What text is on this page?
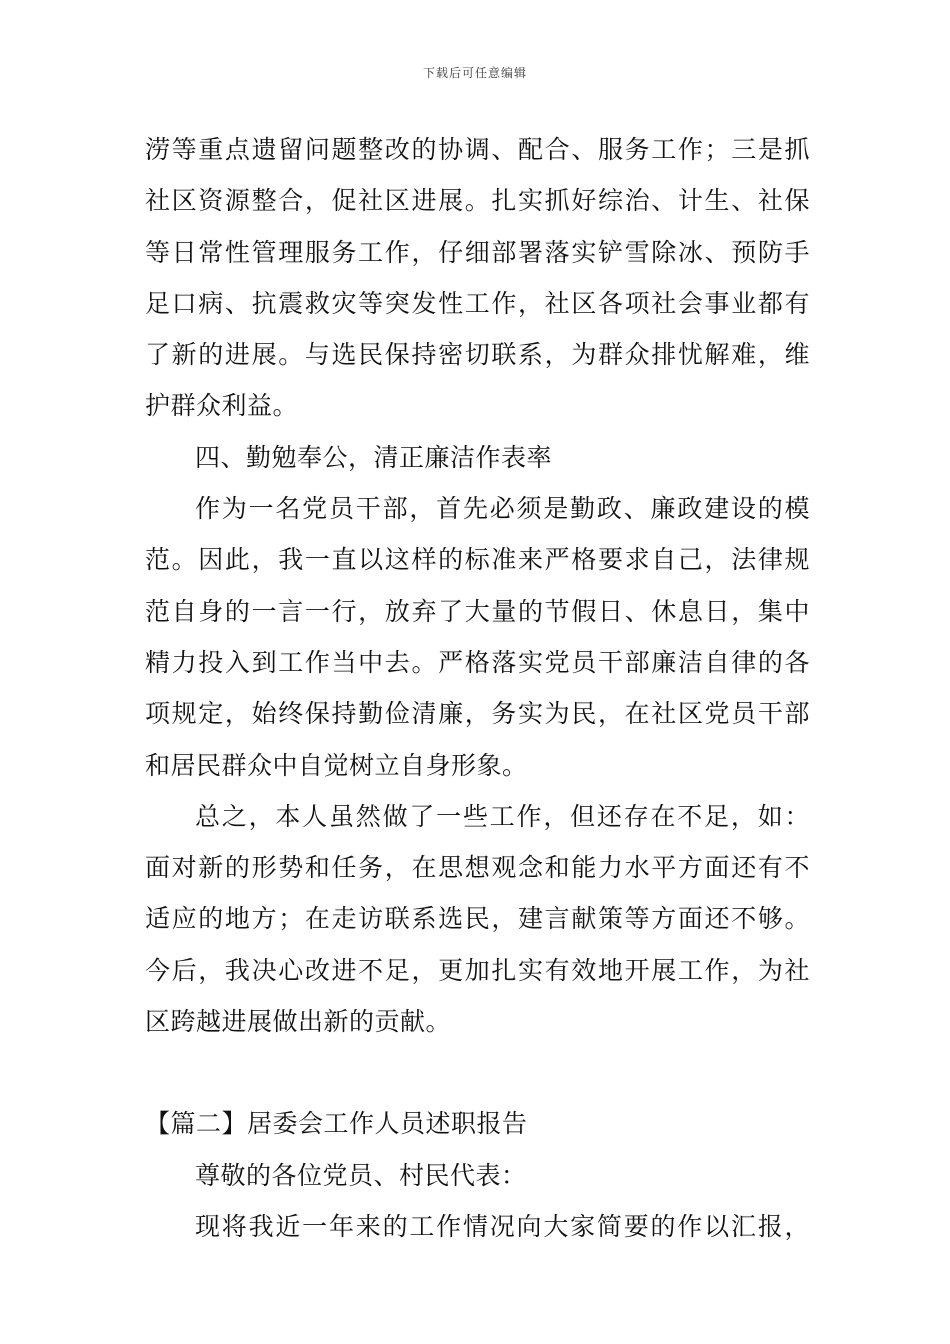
下载后可任意编辑
涝等重点遗留问题整改的协调、配合、服务工作；三是抓
社区资源整合，促社区进展。扎实抓好综治、计生、社保
等日常性管理服务工作，仔细部署落实铲雪除冰、预防手
足口病、抗震救灾等突发性工作，社区各项社会事业都有
了新的进展。与选民保持密切联系，为群众排忧解难，维
护群众利益。
四、勤勉奉公，清正廉洁作表率
作为一名党员干部，首先必须是勤政、廉政建设的模
范。因此，我一直以这样的标准来严格要求自己，法律规
范自身的一言一行，放弃了大量的节假日、休息日，集中
精力投入到工作当中去。严格落实党员干部廉洁自律的各
项规定，始终保持勤俭清廉，务实为民，在社区党员干部
和居民群众中自觉树立自身形象。
总之，本人虽然做了一些工作，但还存在不足，如：
面对新的形势和任务，在思想观念和能力水平方面还有不
适应的地方；在走访联系选民，建言献策等方面还不够。
今后，我决心改进不足，更加扎实有效地开展工作，为社
区跨越进展做出新的贡献。
【篇二】居委会工作人员述职报告
尊敬的各位党员、村民代表：
现将我近一年来的工作情况向大家简要的作以汇报，
